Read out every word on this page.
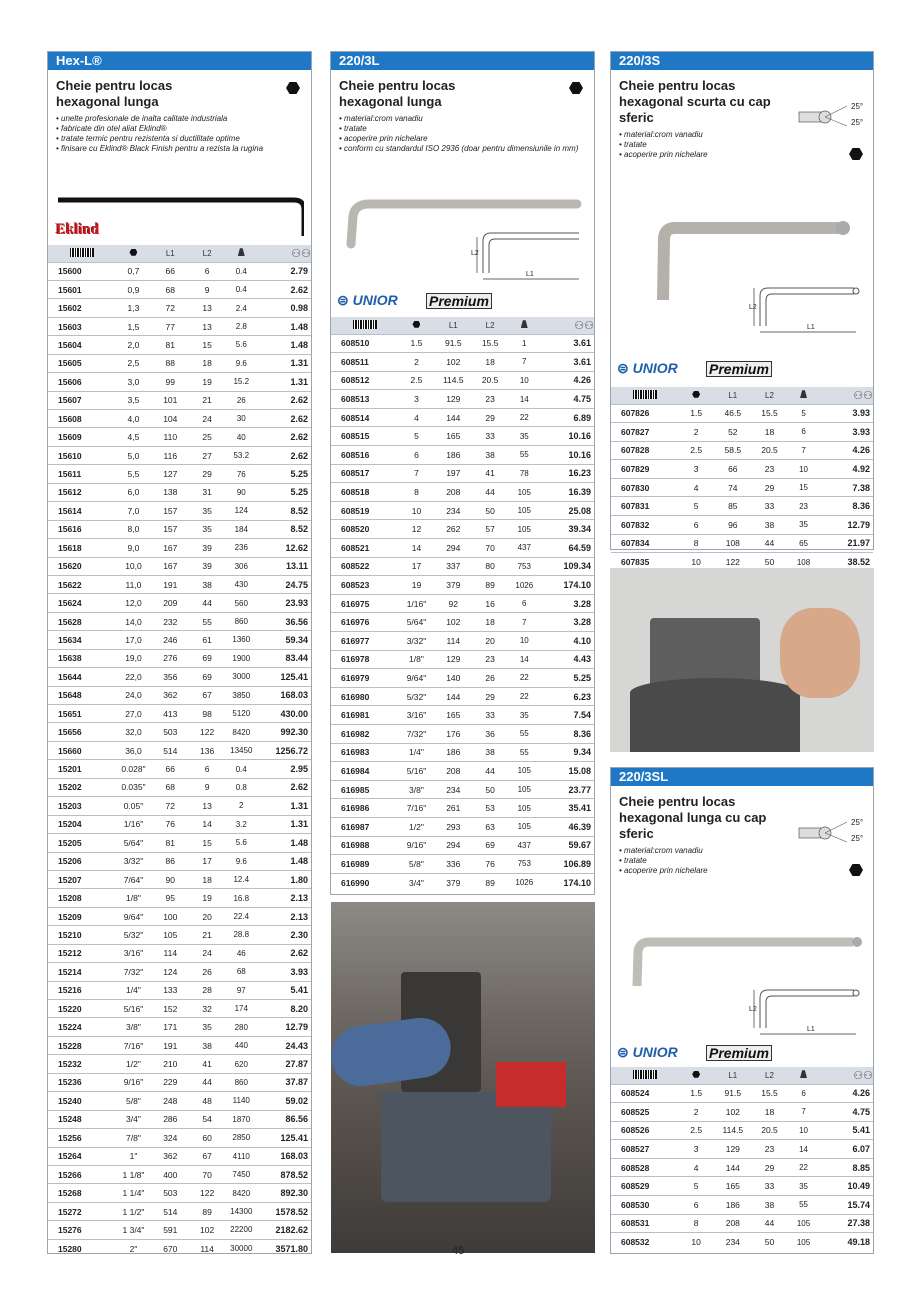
Hex-L®
Cheie pentru locas hexagonal lunga
• unelte profesionale de inalta calitate industriala
• fabricate din otel aliat Eklind®
• tratate termic pentru rezistenta si ductilitate optime
• finisare cu Eklind® Black Finish pentru a rezista la rugina
Eklind
		L1	L2		⚇⚇
15600	0,7	66	6	0.4	2.79
15601	0,9	68	9	0.4	2.62
15602	1,3	72	13	2.4	0.98
15603	1,5	77	13	2.8	1.48
15604	2,0	81	15	5.6	1.48
15605	2,5	88	18	9.6	1.31
15606	3,0	99	19	15.2	1.31
15607	3,5	101	21	26	2.62
15608	4,0	104	24	30	2.62
15609	4,5	110	25	40	2.62
15610	5,0	116	27	53.2	2.62
15611	5,5	127	29	76	5.25
15612	6,0	138	31	90	5.25
15614	7,0	157	35	124	8.52
15616	8,0	157	35	184	8.52
15618	9,0	167	39	236	12.62
15620	10,0	167	39	306	13.11
15622	11,0	191	38	430	24.75
15624	12,0	209	44	560	23.93
15628	14,0	232	55	860	36.56
15634	17,0	246	61	1360	59.34
15638	19,0	276	69	1900	83.44
15644	22,0	356	69	3000	125.41
15648	24,0	362	67	3850	168.03
15651	27,0	413	98	5120	430.00
15656	32,0	503	122	8420	992.30
15660	36,0	514	136	13450	1256.72
15201	0.028"	66	6	0.4	2.95
15202	0.035"	68	9	0.8	2.62
15203	0.05"	72	13	2	1.31
15204	1/16"	76	14	3.2	1.31
15205	5/64"	81	15	5.6	1.48
15206	3/32"	86	17	9.6	1.48
15207	7/64"	90	18	12.4	1.80
15208	1/8"	95	19	16.8	2.13
15209	9/64"	100	20	22.4	2.13
15210	5/32"	105	21	28.8	2.30
15212	3/16"	114	24	46	2.62
15214	7/32"	124	26	68	3.93
15216	1/4"	133	28	97	5.41
15220	5/16"	152	32	174	8.20
15224	3/8"	171	35	280	12.79
15228	7/16"	191	38	440	24.43
15232	1/2"	210	41	620	27.87
15236	9/16"	229	44	860	37.87
15240	5/8"	248	48	1140	59.02
15248	3/4"	286	54	1870	86.56
15256	7/8"	324	60	2850	125.41
15264	1"	362	67	4110	168.03
15266	1 1/8"	400	70	7450	878.52
15268	1 1/4"	503	122	8420	892.30
15272	1 1/2"	514	89	14300	1578.52
15276	1 3/4"	591	102	22200	2182.62
15280	2"	670	114	30000	3571.80
220/3L
Cheie pentru locas hexagonal lunga
• material:crom vanadiu
• tratate
• acoperire prin nichelare
• conform cu standardul ISO 2936 (doar pentru dimensiunile in mm)
L2
L1
⊜ UNIOR Premium
		L1	L2		⚇⚇
608510	1.5	91.5	15.5	1	3.61
608511	2	102	18	7	3.61
608512	2.5	114.5	20.5	10	4.26
608513	3	129	23	14	4.75
608514	4	144	29	22	6.89
608515	5	165	33	35	10.16
608516	6	186	38	55	10.16
608517	7	197	41	78	16.23
608518	8	208	44	105	16.39
608519	10	234	50	105	25.08
608520	12	262	57	105	39.34
608521	14	294	70	437	64.59
608522	17	337	80	753	109.34
608523	19	379	89	1026	174.10
616975	1/16"	92	16	6	3.28
616976	5/64"	102	18	7	3.28
616977	3/32"	114	20	10	4.10
616978	1/8"	129	23	14	4.43
616979	9/64"	140	26	22	5.25
616980	5/32"	144	29	22	6.23
616981	3/16"	165	33	35	7.54
616982	7/32"	176	36	55	8.36
616983	1/4"	186	38	55	9.34
616984	5/16"	208	44	105	15.08
616985	3/8"	234	50	105	23.77
616986	7/16"	261	53	105	35.41
616987	1/2"	293	63	105	46.39
616988	9/16"	294	69	437	59.67
616989	5/8"	336	76	753	106.89
616990	3/4"	379	89	1026	174.10
220/3S
Cheie pentru locas hexagonal scurta cu cap sferic
25°
25°
• material:crom vanadiu
• tratate
• acoperire prin nichelare
L2
L1
⊜ UNIOR Premium
		L1	L2		⚇⚇
607826	1.5	46.5	15.5	5	3.93
607827	2	52	18	6	3.93
607828	2.5	58.5	20.5	7	4.26
607829	3	66	23	10	4.92
607830	4	74	29	15	7.38
607831	5	85	33	23	8.36
607832	6	96	38	35	12.79
607834	8	108	44	65	21.97
607835	10	122	50	108	38.52
220/3SL
Cheie pentru locas hexagonal lunga cu cap sferic
25°
25°
• material:crom vanadiu
• tratate
• acoperire prin nichelare
L2
L1
⊜ UNIOR Premium
		L1	L2		⚇⚇
608524	1.5	91.5	15.5	6	4.26
608525	2	102	18	7	4.75
608526	2.5	114.5	20.5	10	5.41
608527	3	129	23	14	6.07
608528	4	144	29	22	8.85
608529	5	165	33	35	10.49
608530	6	186	38	55	15.74
608531	8	208	44	105	27.38
608532	10	234	50	105	49.18
45
